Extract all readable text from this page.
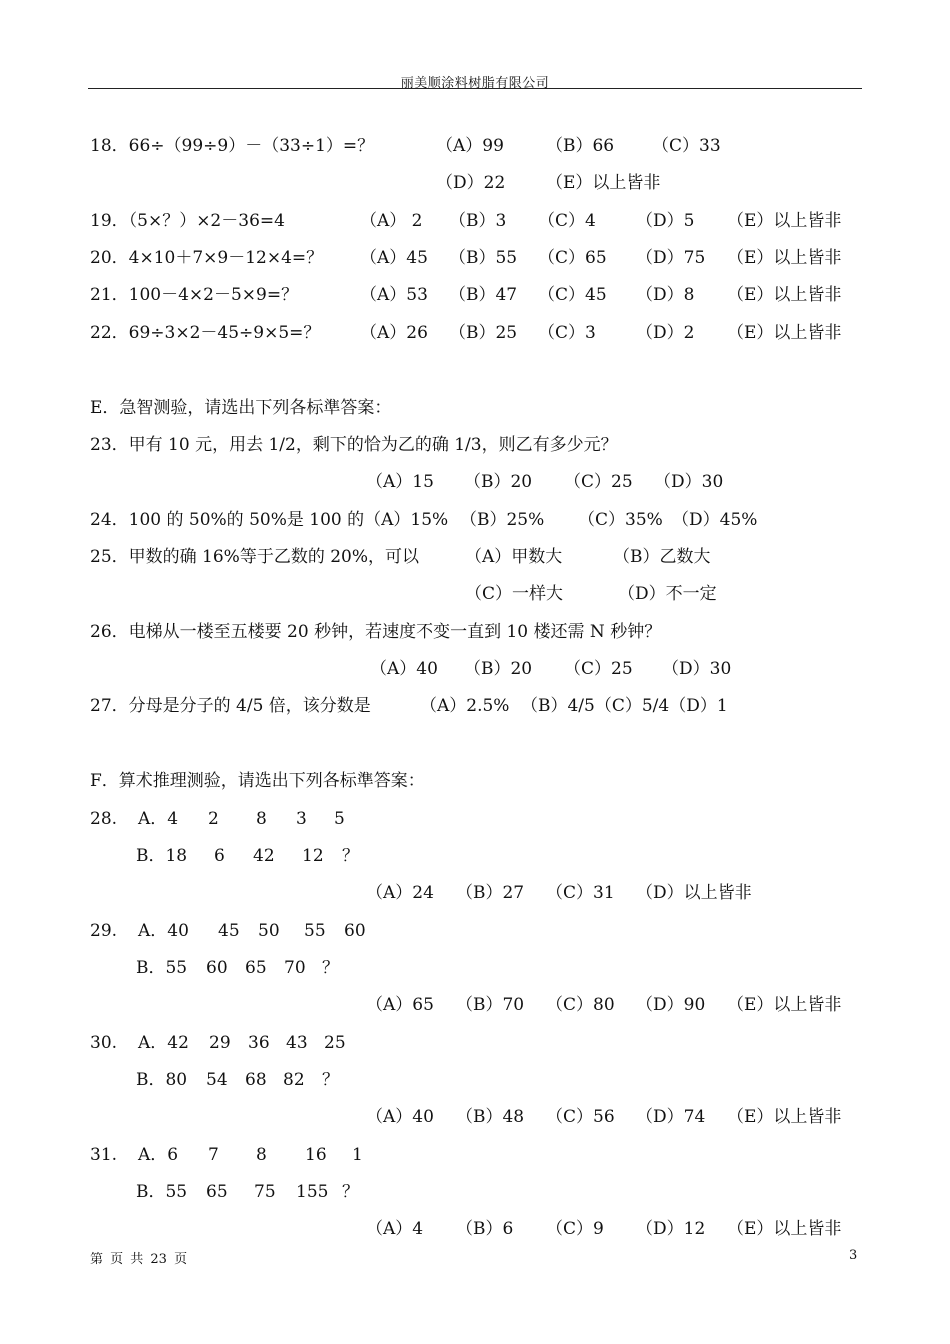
丽美顺涂料树脂有限公司
18．66÷（99÷9）－（33÷1）=？	（A）99 （B）66 （C）33
（D）22 （E）以上皆非
19．（5×？）×2－36=4	（A） 2 （B）3 （C）4 （D）5 （E）以上皆非
20．4×10＋7×9－12×4=？ （A）45 （B）55 （C）65 （D）75 （E）以上皆非
21．100－4×2－5×9=？	（A）53 （B）47 （C）45 （D）8 （E）以上皆非
22．69÷3×2－45÷9×5=？ （A）26 （B）25 （C）3 （D）2 （E）以上皆非
E．急智测验，请选出下列各标準答案：
23．甲有 10 元，用去 1/2，剩下的恰为乙的确 1/3，则乙有多少元？
（A）15 （B）20 （C）25 （D）30
24．100 的 50%的 50%是 100 的（A）15% （B）25% （C）35% （D）45%
25．甲数的确 16%等于乙数的 20%，可以	（A）甲数大	（B）乙数大
（C）一样大	（D）不一定
26．电梯从一楼至五楼要 20 秒钟，若速度不变一直到 10 楼还需 N 秒钟？
（A）40 （B）20 （C）25 （D）30
27．分母是分子的 4/5 倍，该分数是	（A）2.5% （B）4/5（C）5/4（D）1
F．算术推理测验，请选出下列各标準答案：
28. A．4 2 8 3 5
B．18 6 42 12 ？
（A）24 （B）27 （C）31 （D）以上皆非
29. A．40 45 50 55 60
B．55 60 65 70 ？
（A）65 （B）70 （C）80 （D）90 （E）以上皆非
30. A．42 29 36 43 25
B．80 54 68 82 ？
（A）40 （B）48 （C）56 （D）74 （E）以上皆非
31. A．6 7 8 16 1
B．55 65 75 155 ？
（A）4 （B）6 （C）9 （D）12 （E）以上皆非
第 页 共 23 页	3
